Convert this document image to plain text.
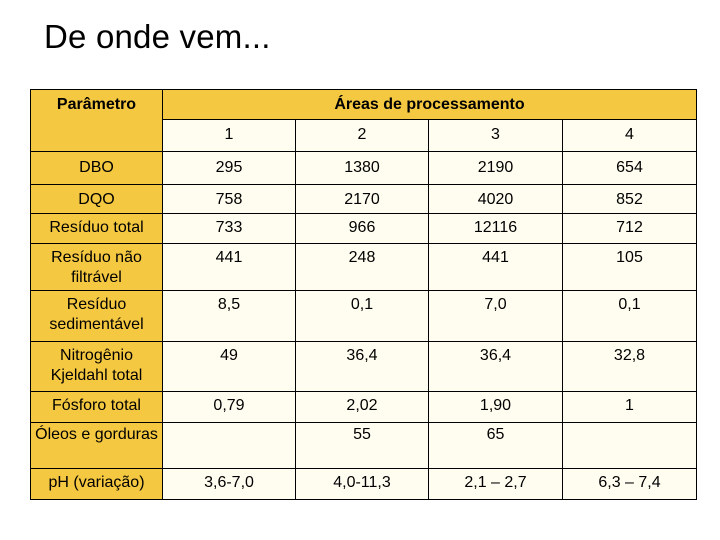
De onde vem...
Parâmetro	Áreas de processamento			
	1	2	3	4
DBO	295	1380	2190	654
DQO	758	2170	4020	852
Resíduo total	733	966	12116	712
Resíduo não filtrável	441	248	441	105
Resíduo sedimentável	8,5	0,1	7,0	0,1
Nitrogênio Kjeldahl total	49	36,4	36,4	32,8
Fósforo total	0,79	2,02	1,90	1
Óleos e gorduras		55	65	
pH (variação)	3,6-7,0	4,0-11,3	2,1 – 2,7	6,3 – 7,4
